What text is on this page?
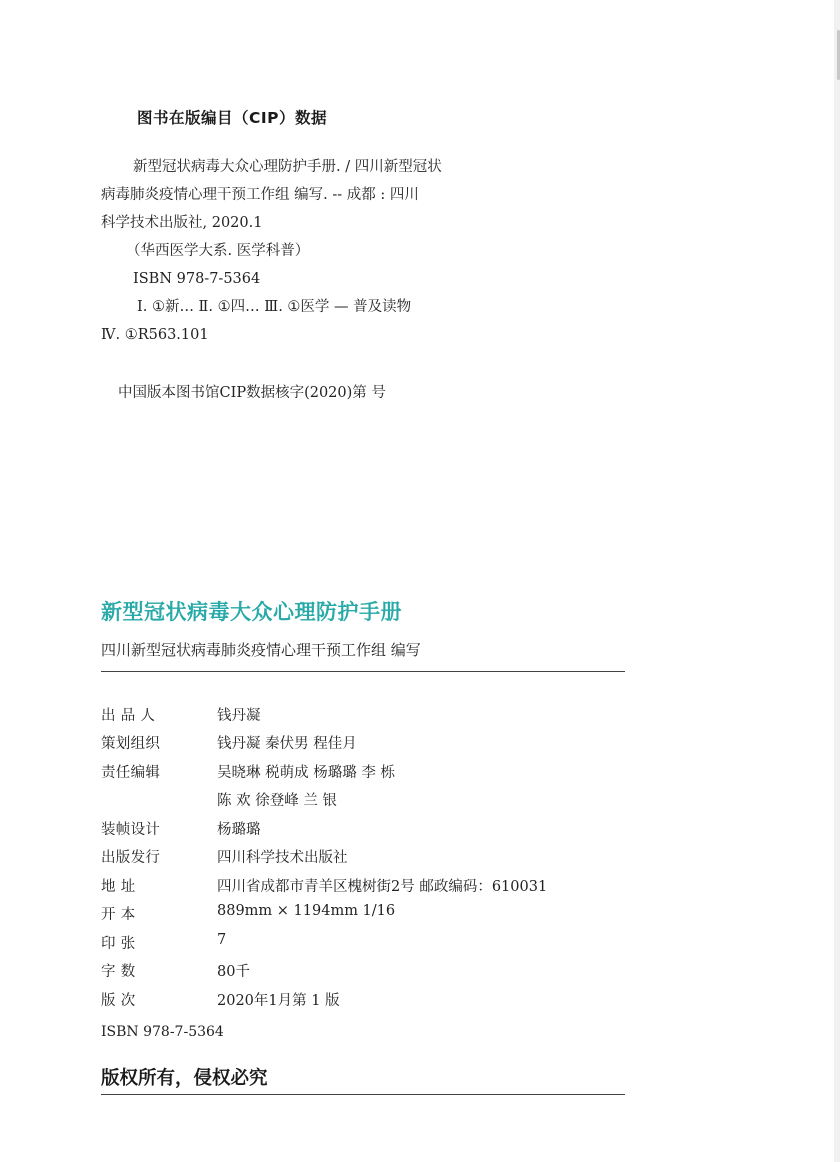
图书在版编目（CIP）数据
新型冠状病毒大众心理防护手册. / 四川新型冠状
病毒肺炎疫情心理干预工作组 编写. -- 成都 : 四川
科学技术出版社, 2020.1
（华西医学大系. 医学科普）
ISBN 978-7-5364
Ⅰ. ①新… Ⅱ. ①四… Ⅲ. ①医学 — 普及读物
Ⅳ. ①R563.101
中国版本图书馆CIP数据核字(2020)第 号
新型冠状病毒大众心理防护手册
四川新型冠状病毒肺炎疫情心理干预工作组 编写
出 品 人	钱丹凝
策划组织	钱丹凝 秦伏男 程佳月
责任编辑	吴晓琳 税萌成 杨璐璐 李 栎
陈 欢 徐登峰 兰 银
装帧设计	杨璐璐
出版发行	四川科学技术出版社
地 址	四川省成都市青羊区槐树街2号 邮政编码：610031
开 本	889mm × 1194mm 1/16
印 张	7
字 数	80千
版 次	2020年1月第 1 版
ISBN 978-7-5364
版权所有，侵权必究
